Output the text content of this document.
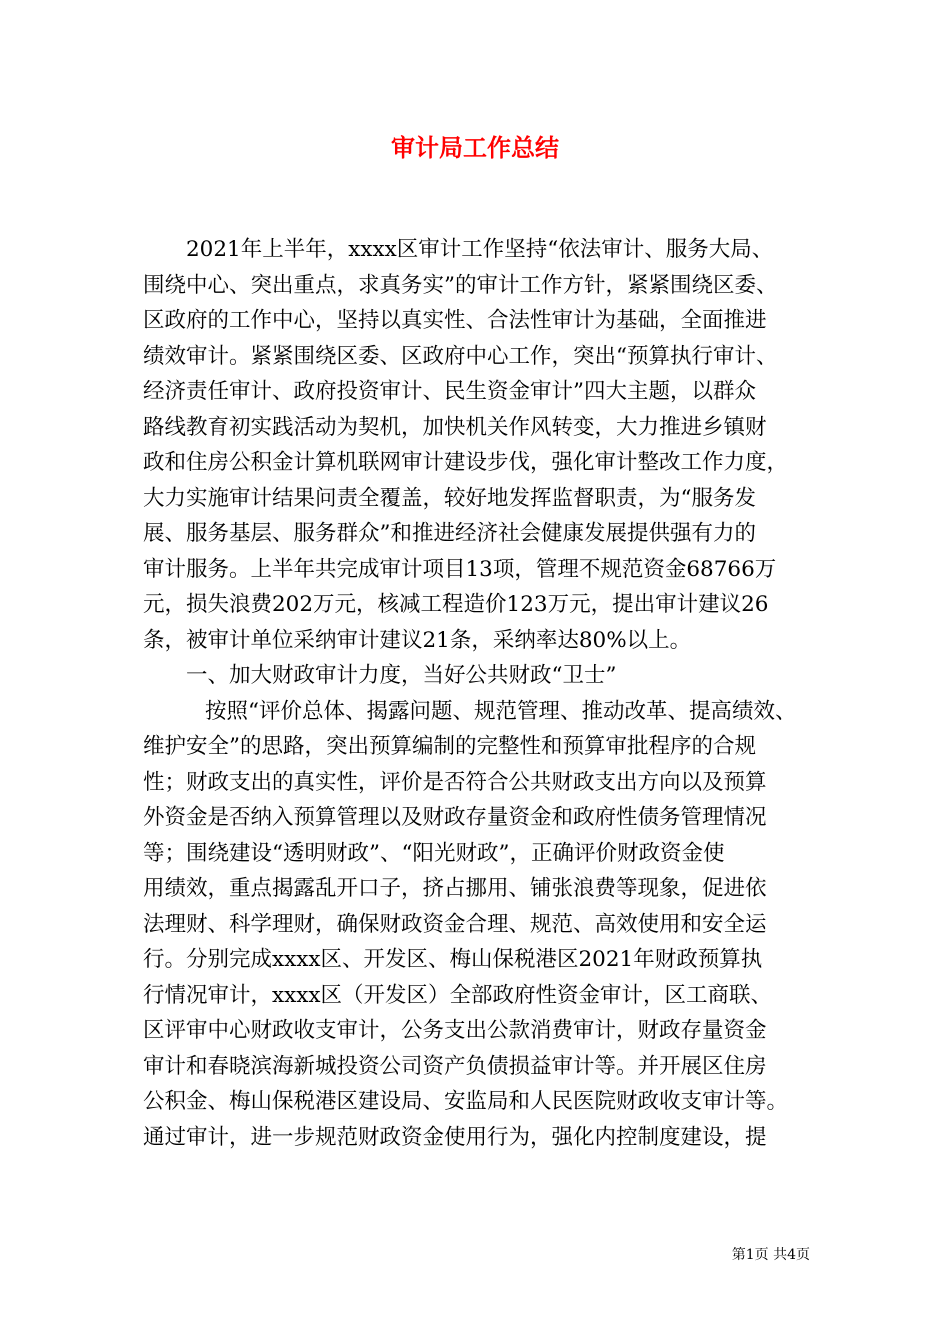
审计局工作总结
2021年上半年，xxxx区审计工作坚持“依法审计、服务大局、
围绕中心、突出重点，求真务实”的审计工作方针，紧紧围绕区委、
区政府的工作中心，坚持以真实性、合法性审计为基础，全面推进
绩效审计。紧紧围绕区委、区政府中心工作，突出“预算执行审计、
经济责任审计、政府投资审计、民生资金审计”四大主题，以群众
路线教育初实践活动为契机，加快机关作风转变，大力推进乡镇财
政和住房公积金计算机联网审计建设步伐，强化审计整改工作力度，
大力实施审计结果问责全覆盖，较好地发挥监督职责，为“服务发
展、服务基层、服务群众”和推进经济社会健康发展提供强有力的
审计服务。上半年共完成审计项目13项，管理不规范资金68766万
元，损失浪费202万元，核减工程造价123万元，提出审计建议26
条，被审计单位采纳审计建议21条，采纳率达80%以上。
一、加大财政审计力度，当好公共财政“卫士”
按照“评价总体、揭露问题、规范管理、推动改革、提高绩效、
维护安全”的思路，突出预算编制的完整性和预算审批程序的合规
性；财政支出的真实性，评价是否符合公共财政支出方向以及预算
外资金是否纳入预算管理以及财政存量资金和政府性债务管理情况
等；围绕建设“透明财政”、“阳光财政”，正确评价财政资金使
用绩效，重点揭露乱开口子，挤占挪用、铺张浪费等现象，促进依
法理财、科学理财，确保财政资金合理、规范、高效使用和安全运
行。分别完成xxxx区、开发区、梅山保税港区2021年财政预算执
行情况审计，xxxx区（开发区）全部政府性资金审计，区工商联、
区评审中心财政收支审计，公务支出公款消费审计，财政存量资金
审计和春晓滨海新城投资公司资产负债损益审计等。并开展区住房
公积金、梅山保税港区建设局、安监局和人民医院财政收支审计等。
通过审计，进一步规范财政资金使用行为，强化内控制度建设，提
第1页 共4页
